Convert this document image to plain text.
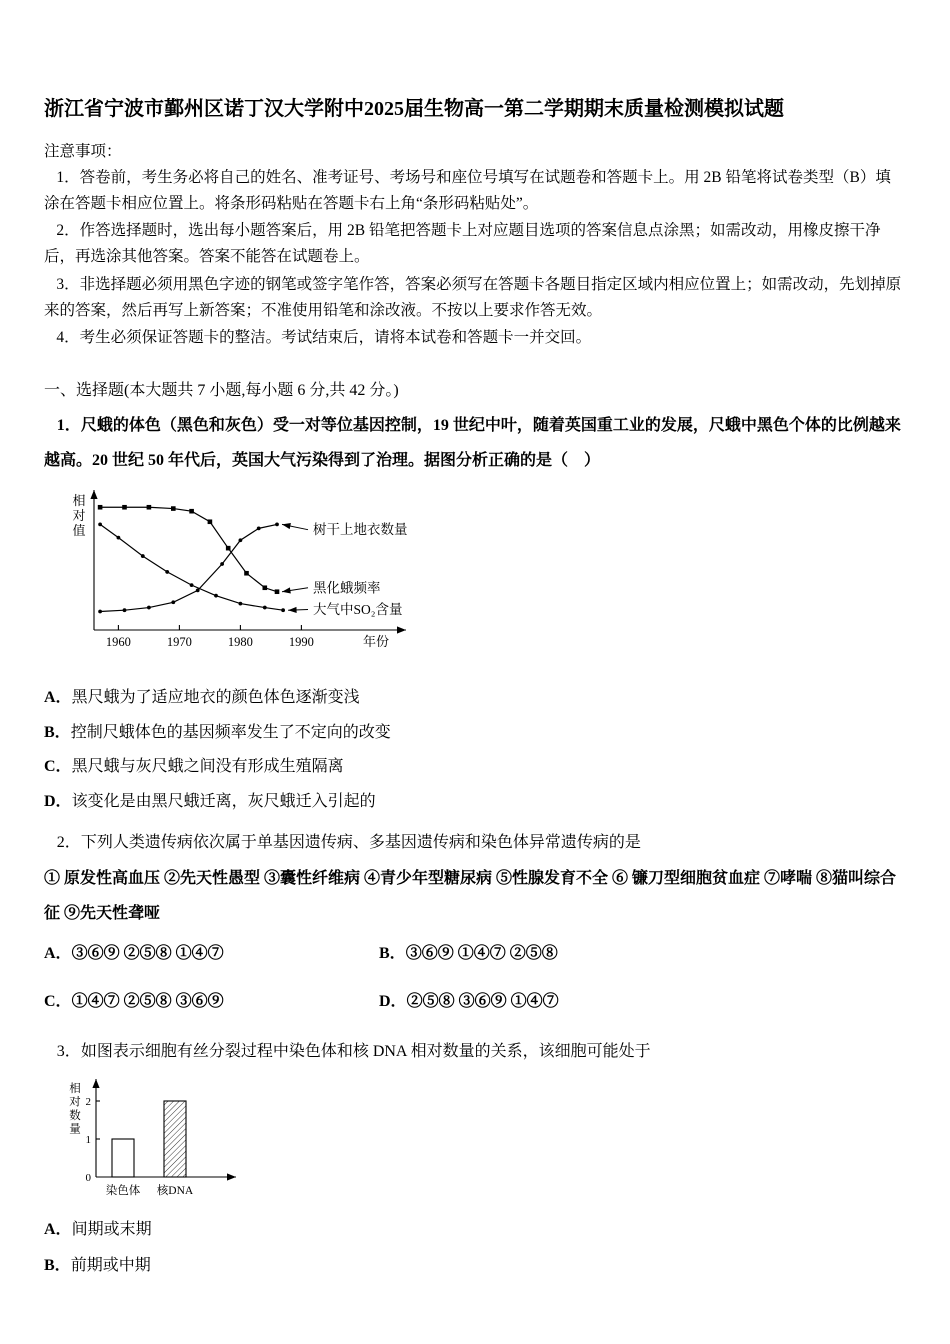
浙江省宁波市鄞州区诺丁汉大学附中2025届生物高一第二学期期末质量检测模拟试题
注意事项：

1．答卷前，考生务必将自己的姓名、准考证号、考场号和座位号填写在试题卷和答题卡上。用 2B 铅笔将试卷类型（B）填涂在答题卡相应位置上。将条形码粘贴在答题卡右上角“条形码粘贴处”。

2．作答选择题时，选出每小题答案后，用 2B 铅笔把答题卡上对应题目选项的答案信息点涂黑；如需改动，用橡皮擦干净后，再选涂其他答案。答案不能答在试题卷上。

3．非选择题必须用黑色字迹的钢笔或签字笔作答，答案必须写在答题卡各题目指定区域内相应位置上；如需改动，先划掉原来的答案，然后再写上新答案；不准使用铅笔和涂改液。不按以上要求作答无效。

4．考生必须保证答题卡的整洁。考试结束后，请将本试卷和答题卡一并交回。

一、选择题(本大题共 7 小题,每小题 6 分,共 42 分。)

1．尺蛾的体色（黑色和灰色）受一对等位基因控制，19 世纪中叶，随着英国重工业的发展，尺蛾中黑色个体的比例越来越高。20 世纪 50 年代后，英国大气污染得到了治理。据图分析正确的是（　）

相
对
值
1960	1970	1980	1990	年份
树干上地衣数量
黑化蛾频率
大气中SO₂含量
A．黑尺蛾为了适应地衣的颜色体色逐渐变浅
B．控制尺蛾体色的基因频率发生了不定向的改变
C．黑尺蛾与灰尺蛾之间没有形成生殖隔离
D．该变化是由黑尺蛾迁离，灰尺蛾迁入引起的

2．下列人类遗传病依次属于单基因遗传病、多基因遗传病和染色体异常遗传病的是

① 原发性高血压 ②先天性愚型 ③囊性纤维病 ④青少年型糖尿病 ⑤性腺发育不全 ⑥ 镰刀型细胞贫血症 ⑦哮喘 ⑧猫叫综合征 ⑨先天性聋哑

A．③⑥⑨ ②⑤⑧ ①④⑦	B．③⑥⑨ ①④⑦ ②⑤⑧
C．①④⑦ ②⑤⑧ ③⑥⑨	D．②⑤⑧ ③⑥⑨ ①④⑦

3．如图表示细胞有丝分裂过程中染色体和核 DNA 相对数量的关系，该细胞可能处于

相
对
数
量
1
2
0
染色体 核DNA
A．间期或末期
B．前期或中期
